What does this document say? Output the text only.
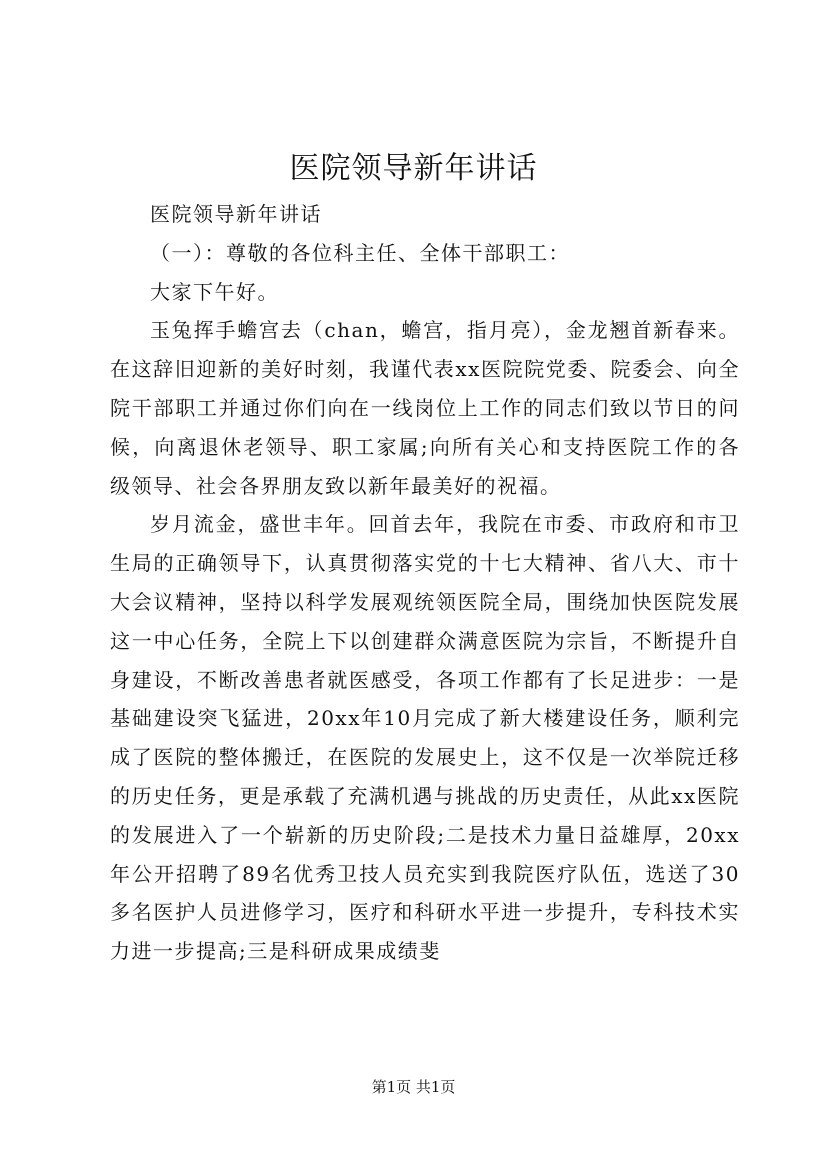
医院领导新年讲话

医院领导新年讲话

（一）：尊敬的各位科主任、全体干部职工：

大家下午好。

玉兔挥手蟾宫去（chan，蟾宫，指月亮），金龙翘首新春来。在这辞旧迎新的美好时刻，我谨代表xx医院院党委、院委会、向全院干部职工并通过你们向在一线岗位上工作的同志们致以节日的问候，向离退休老领导、职工家属;向所有关心和支持医院工作的各级领导、社会各界朋友致以新年最美好的祝福。

岁月流金，盛世丰年。回首去年，我院在市委、市政府和市卫生局的正确领导下，认真贯彻落实党的十七大精神、省八大、市十大会议精神，坚持以科学发展观统领医院全局，围绕加快医院发展这一中心任务，全院上下以创建群众满意医院为宗旨，不断提升自身建设，不断改善患者就医感受，各项工作都有了长足进步：一是基础建设突飞猛进，20xx年10月完成了新大楼建设任务，顺利完成了医院的整体搬迁，在医院的发展史上，这不仅是一次举院迁移的历史任务，更是承载了充满机遇与挑战的历史责任，从此xx医院的发展进入了一个崭新的历史阶段;二是技术力量日益雄厚，20xx年公开招聘了89名优秀卫技人员充实到我院医疗队伍，选送了30多名医护人员进修学习，医疗和科研水平进一步提升，专科技术实力进一步提高;三是科研成果成绩斐

第1页 共1页
